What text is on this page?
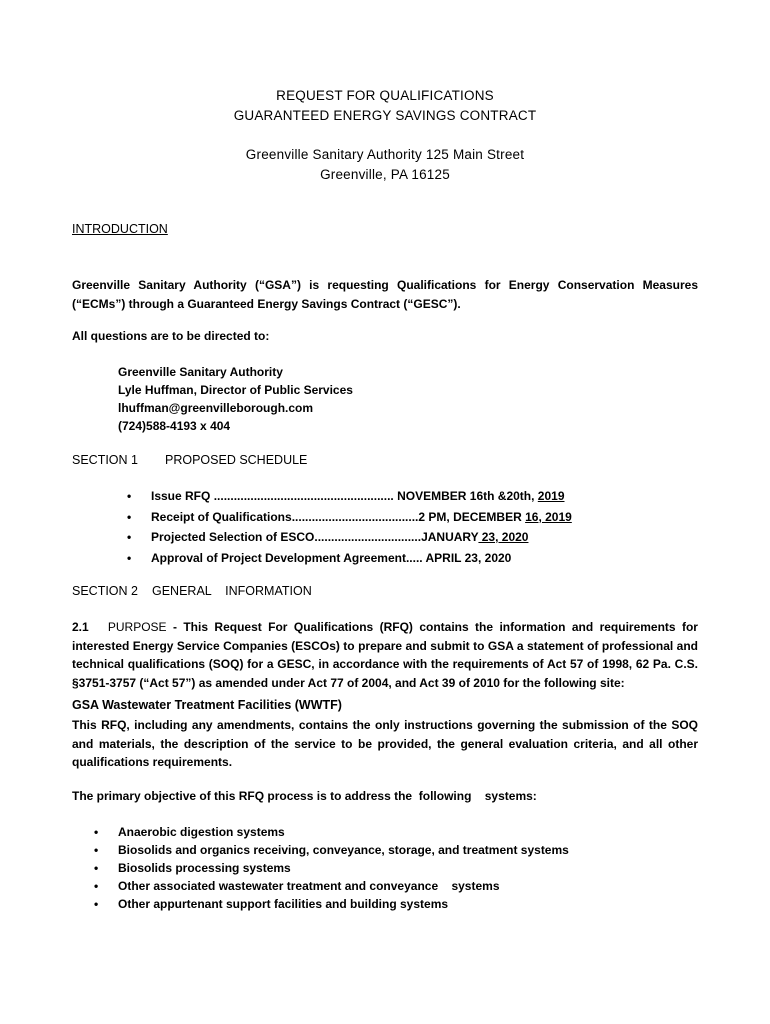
REQUEST FOR QUALIFICATIONS
GUARANTEED ENERGY SAVINGS CONTRACT
Greenville Sanitary Authority 125 Main Street
Greenville, PA 16125
INTRODUCTION
Greenville Sanitary Authority (“GSA”) is requesting Qualifications for Energy Conservation Measures (“ECMs”) through a Guaranteed Energy Savings Contract (“GESC”).
All questions are to be directed to:
Greenville Sanitary Authority
Lyle Huffman, Director of Public Services
lhuffman@greenvilleborough.com
(724)588-4193 x 404
SECTION 1 PROPOSED SCHEDULE
• Issue RFQ ...................................................... NOVEMBER 16th &20th, 2019
• Receipt of Qualifications......................................2 PM, DECEMBER 16, 2019
• Projected Selection of ESCO................................JANUARY 23, 2020
• Approval of Project Development Agreement..... APRIL 23, 2020
SECTION 2 GENERAL    INFORMATION
2.1 PURPOSE - This Request For Qualifications (RFQ) contains the information and requirements for interested Energy Service Companies (ESCOs) to prepare and submit to GSA a statement of professional and technical qualifications (SOQ) for a GESC, in accordance with the requirements of Act 57 of 1998, 62 Pa. C.S. §3751-3757 (“Act 57”) as amended under Act 77 of 2004, and Act 39 of 2010 for the following site:
GSA Wastewater Treatment Facilities (WWTF)
This RFQ, including any amendments, contains the only instructions governing the submission of the SOQ and materials, the description of the service to be provided, the general evaluation criteria, and all other qualifications requirements.
The primary objective of this RFQ process is to address the  following    systems:
• Anaerobic digestion systems
• Biosolids and organics receiving, conveyance, storage, and treatment systems
• Biosolids processing systems
• Other associated wastewater treatment and conveyance    systems
• Other appurtenant support facilities and building systems
